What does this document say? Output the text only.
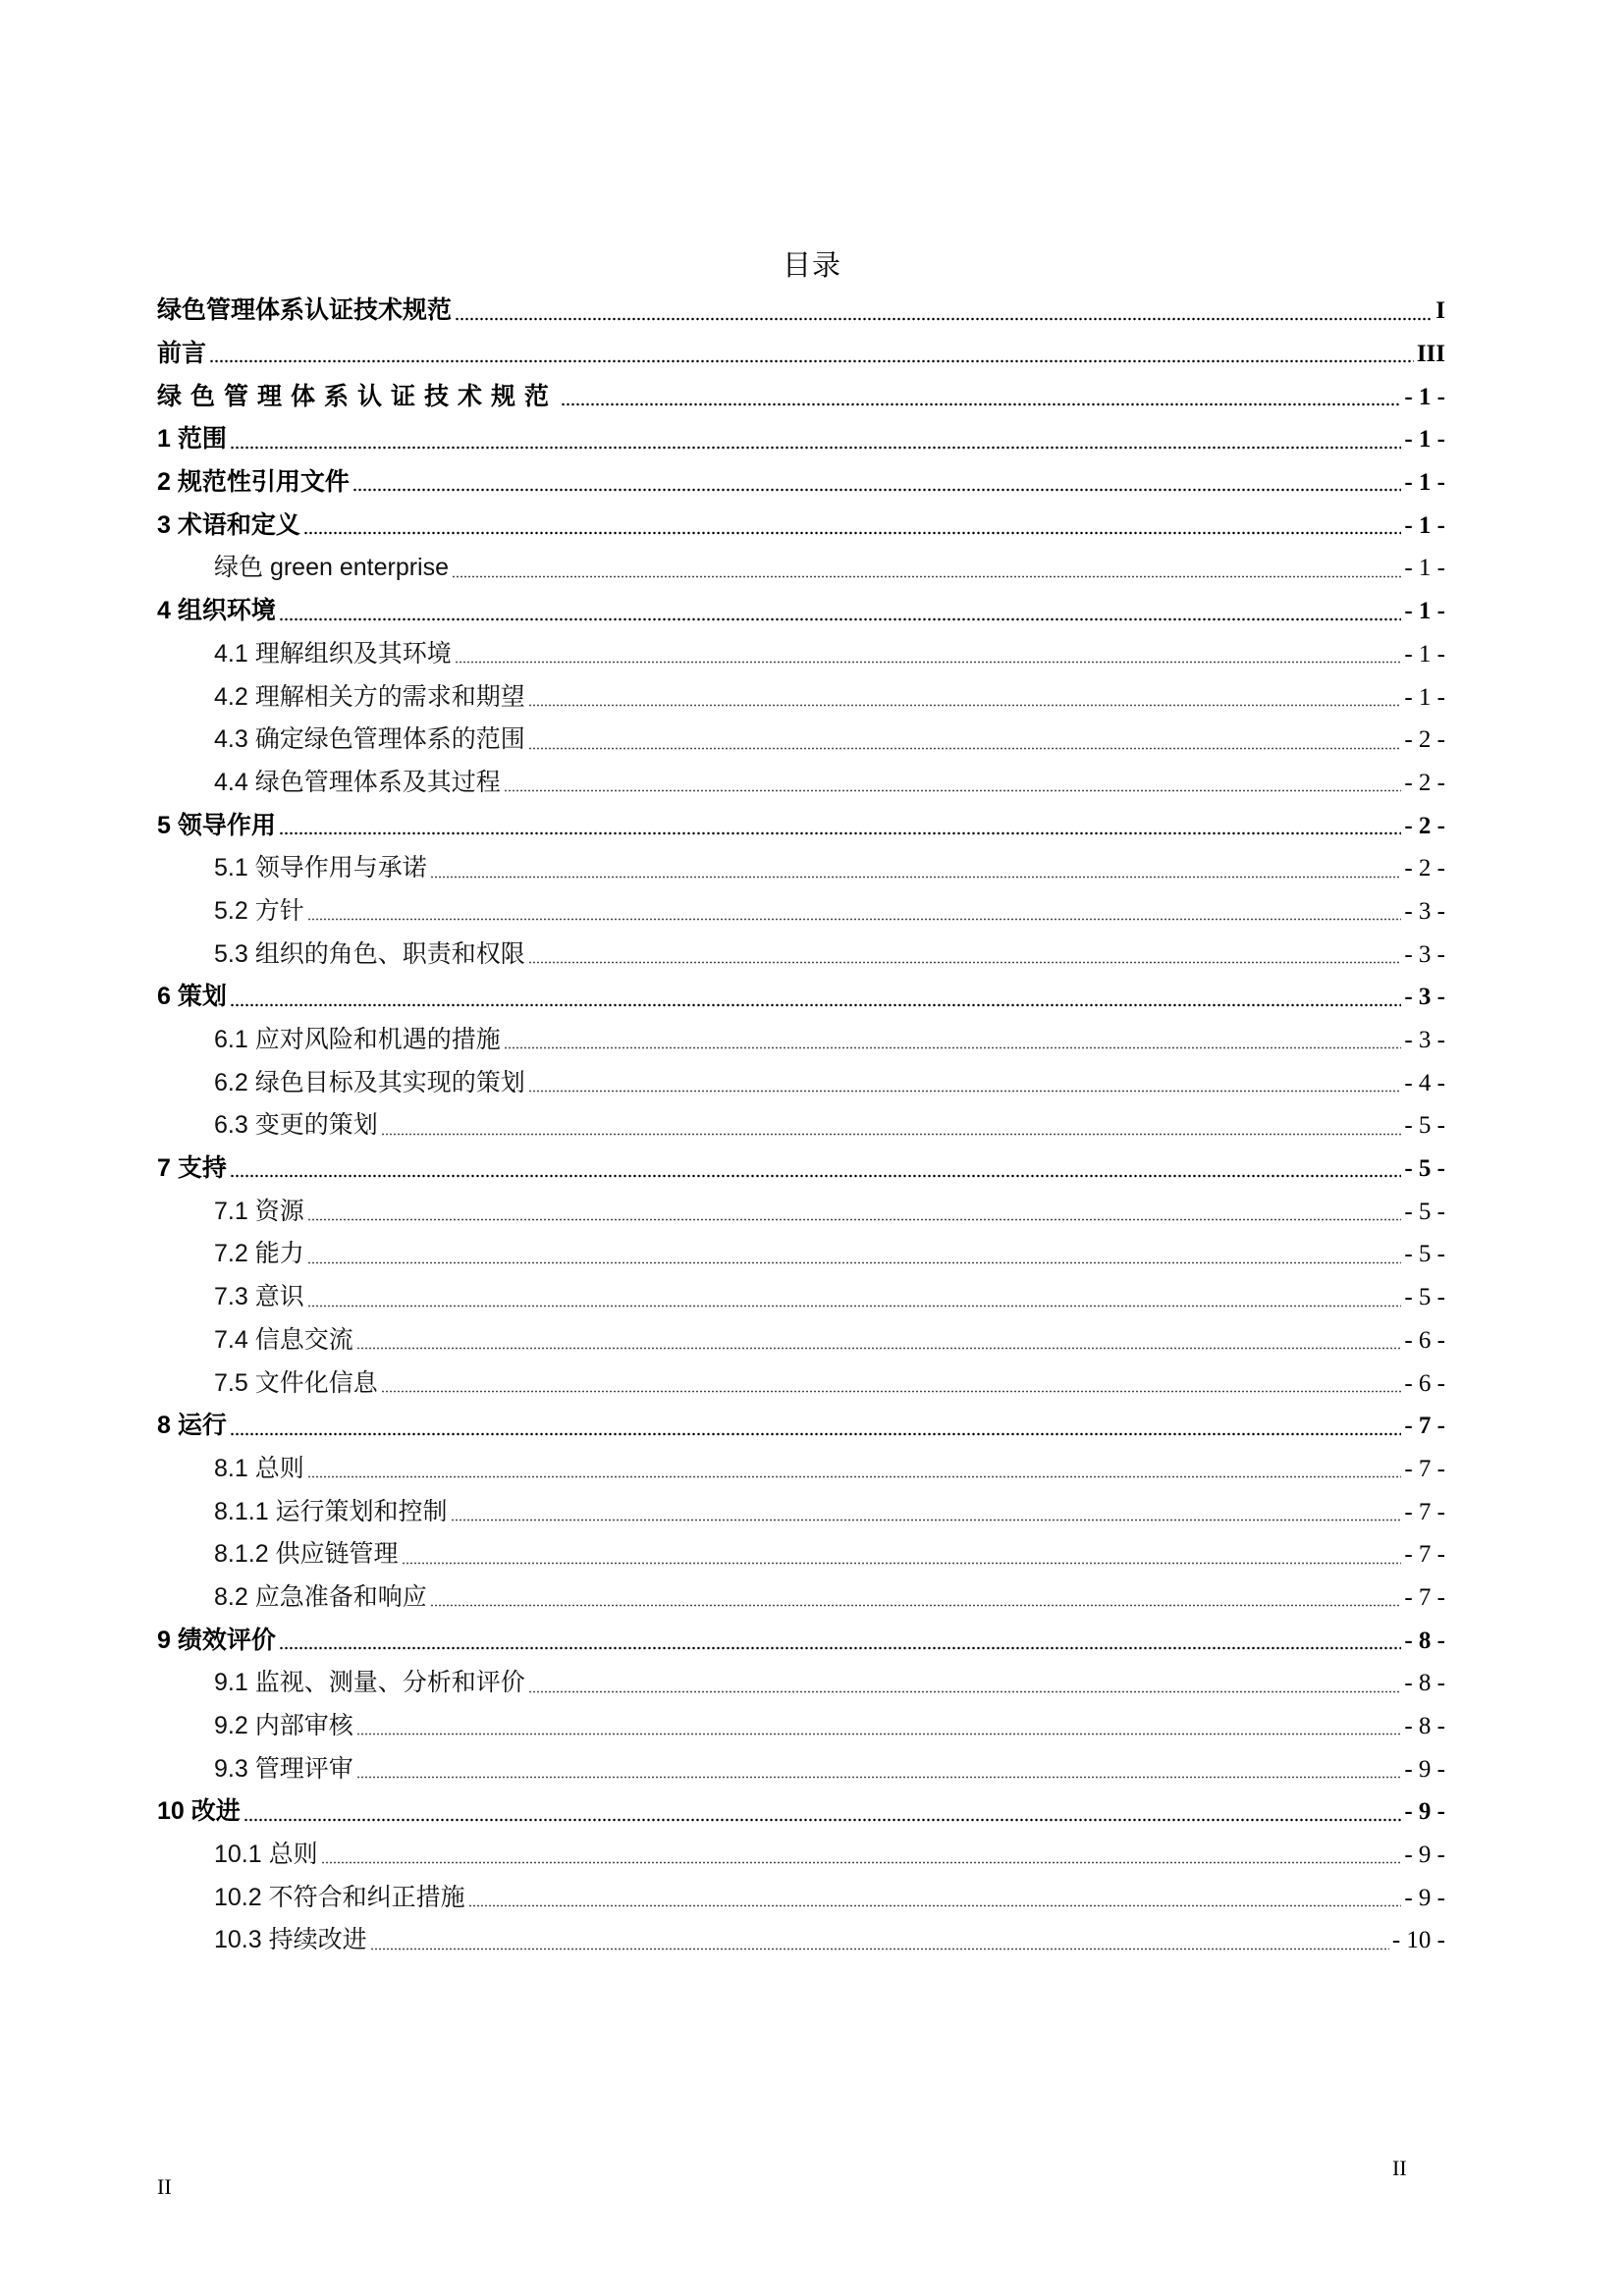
目录
绿色管理体系认证技术规范	I
前言	III
绿色管理体系认证技术规范	- 1 -
1 范围	- 1 -
2 规范性引用文件	- 1 -
3 术语和定义	- 1 -
绿色 green enterprise	- 1 -
4 组织环境	- 1 -
4.1 理解组织及其环境	- 1 -
4.2 理解相关方的需求和期望	- 1 -
4.3 确定绿色管理体系的范围	- 2 -
4.4 绿色管理体系及其过程	- 2 -
5 领导作用	- 2 -
5.1 领导作用与承诺	- 2 -
5.2 方针	- 3 -
5.3 组织的角色、职责和权限	- 3 -
6 策划	- 3 -
6.1 应对风险和机遇的措施	- 3 -
6.2 绿色目标及其实现的策划	- 4 -
6.3 变更的策划	- 5 -
7 支持	- 5 -
7.1 资源	- 5 -
7.2 能力	- 5 -
7.3 意识	- 5 -
7.4 信息交流	- 6 -
7.5 文件化信息	- 6 -
8 运行	- 7 -
8.1 总则	- 7 -
8.1.1 运行策划和控制	- 7 -
8.1.2 供应链管理	- 7 -
8.2 应急准备和响应	- 7 -
9 绩效评价	- 8 -
9.1 监视、测量、分析和评价	- 8 -
9.2 内部审核	- 8 -
9.3 管理评审	- 9 -
10 改进	- 9 -
10.1 总则	- 9 -
10.2 不符合和纠正措施	- 9 -
10.3 持续改进	- 10 -
II
II
